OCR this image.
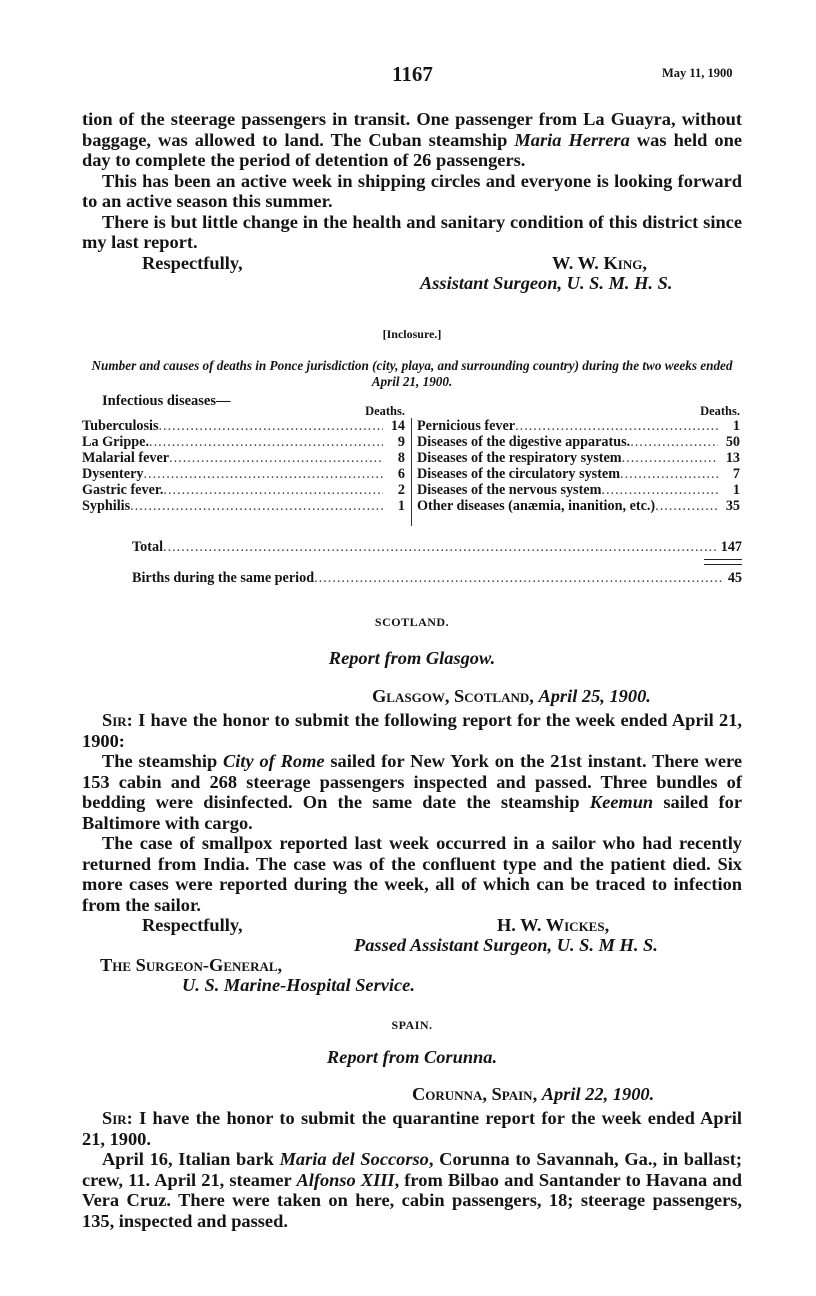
1167	May 11, 1900

tion of the steerage passengers in transit. One passenger from La Guayra, without baggage, was allowed to land. The Cuban steamship Maria Herrera was held one day to complete the period of detention of 26 passengers.

This has been an active week in shipping circles and everyone is looking forward to an active season this summer.

There is but little change in the health and sanitary condition of this district since my last report.

Respectfully,	W. W. King,
Assistant Surgeon, U. S. M. H. S.
[Inclosure.]
Number and causes of deaths in Ponce jurisdiction (city, playa, and surrounding country) during the two weeks ended April 21, 1900.
Infectious diseases—
Deaths.
Tuberculosis .....	14
La Grippe. .....	9
Malarial fever .....	8
Dysentery .....	6
Gastric fever. .....	2
Syphilis .....	1
Deaths.
Pernicious fever .....	1
Diseases of the digestive apparatus. .....	50
Diseases of the respiratory system .....	13
Diseases of the circulatory system .....	7
Diseases of the nervous system .....	1
Other diseases (anæmia, inanition, etc.) .....	35
Total .....	147
Births during the same period .....	45
SCOTLAND.
Report from Glasgow.
Glasgow, Scotland, April 25, 1900.

Sir: I have the honor to submit the following report for the week ended April 21, 1900:

The steamship City of Rome sailed for New York on the 21st instant. There were 153 cabin and 268 steerage passengers inspected and passed. Three bundles of bedding were disinfected. On the same date the steamship Keemun sailed for Baltimore with cargo.

The case of smallpox reported last week occurred in a sailor who had recently returned from India. The case was of the confluent type and the patient died. Six more cases were reported during the week, all of which can be traced to infection from the sailor.

Respectfully,	H. W. Wickes,
Passed Assistant Surgeon, U. S. M H. S.
The Surgeon-General,
U. S. Marine-Hospital Service.
SPAIN.
Report from Corunna.
Corunna, Spain, April 22, 1900.

Sir: I have the honor to submit the quarantine report for the week ended April 21, 1900.

April 16, Italian bark Maria del Soccorso, Corunna to Savannah, Ga., in ballast; crew, 11. April 21, steamer Alfonso XIII, from Bilbao and Santander to Havana and Vera Cruz. There were taken on here, cabin passengers, 18; steerage passengers, 135, inspected and passed.
